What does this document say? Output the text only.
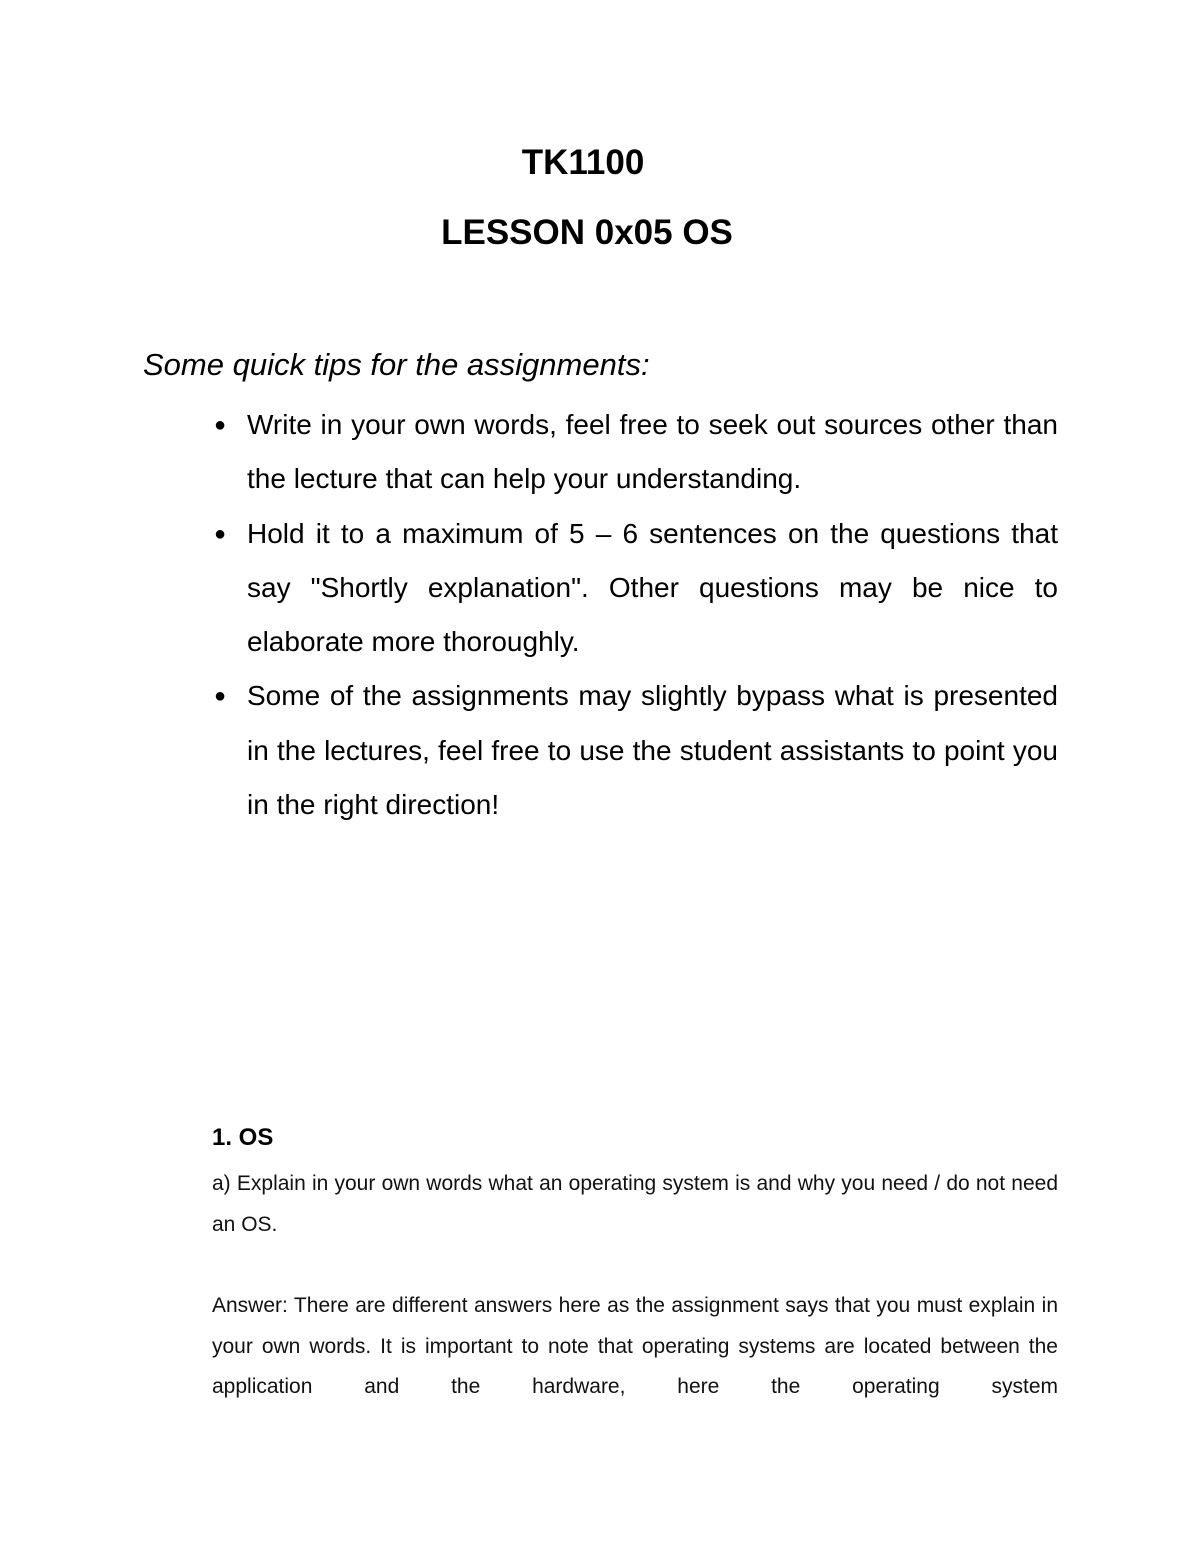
TK1100
LESSON 0x05 OS

Some quick tips for the assignments:

● Write in your own words, feel free to seek out sources other than the lecture that can help your understanding.
● Hold it to a maximum of 5 – 6 sentences on the questions that say "Shortly explanation". Other questions may be nice to elaborate more thoroughly.
● Some of the assignments may slightly bypass what is presented in the lectures, feel free to use the student assistants to point you in the right direction!
1. OS

a) Explain in your own words what an operating system is and why you need / do not need an OS.

Answer: There are different answers here as the assignment says that you must explain in your own words. It is important to note that operating systems are located between the application and the hardware, here the operating system
